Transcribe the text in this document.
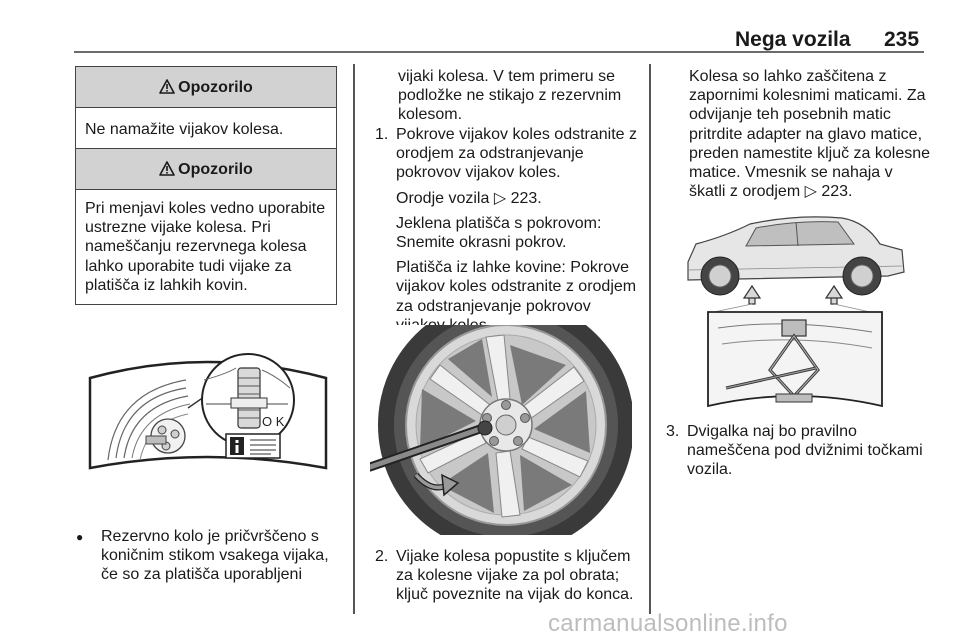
Nega vozila 235
Opozorilo
Ne namažite vijakov kolesa.
Opozorilo
Pri menjavi koles vedno uporabite
ustrezne vijake kolesa. Pri
nameščanju rezervnega kolesa
lahko uporabite tudi vijake za
platišča iz lahkih kovin.
O K
● Rezervno kolo je pričvrščeno s
koničnim stikom vsakega vijaka,
če so za platišča uporabljeni
vijaki kolesa. V tem primeru se
podložke ne stikajo z rezervnim
kolesom.
1. Pokrove vijakov koles odstranite z
orodjem za odstranjevanje
pokrovov vijakov koles.
Orodje vozila ▷ 223.
Jeklena platišča s pokrovom:
Snemite okrasni pokrov.
Platišča iz lahke kovine: Pokrove
vijakov koles odstranite z orodjem
za odstranjevanje pokrovov
2. Vijake kolesa popustite s ključem
za kolesne vijake za pol obrata;
ključ poveznite na vijak do konca.
Kolesa so lahko zaščitena z
zapornimi kolesnimi maticami. Za
odvijanje teh posebnih matic
pritrdite adapter na glavo matice,
preden namestite ključ za kolesne
matice. Vmesnik se nahaja v
škatli z orodjem ▷ 223.
3. Dvigalka naj bo pravilno
nameščena pod dvižnimi točkami
vozila.
carmanualsonline.info
